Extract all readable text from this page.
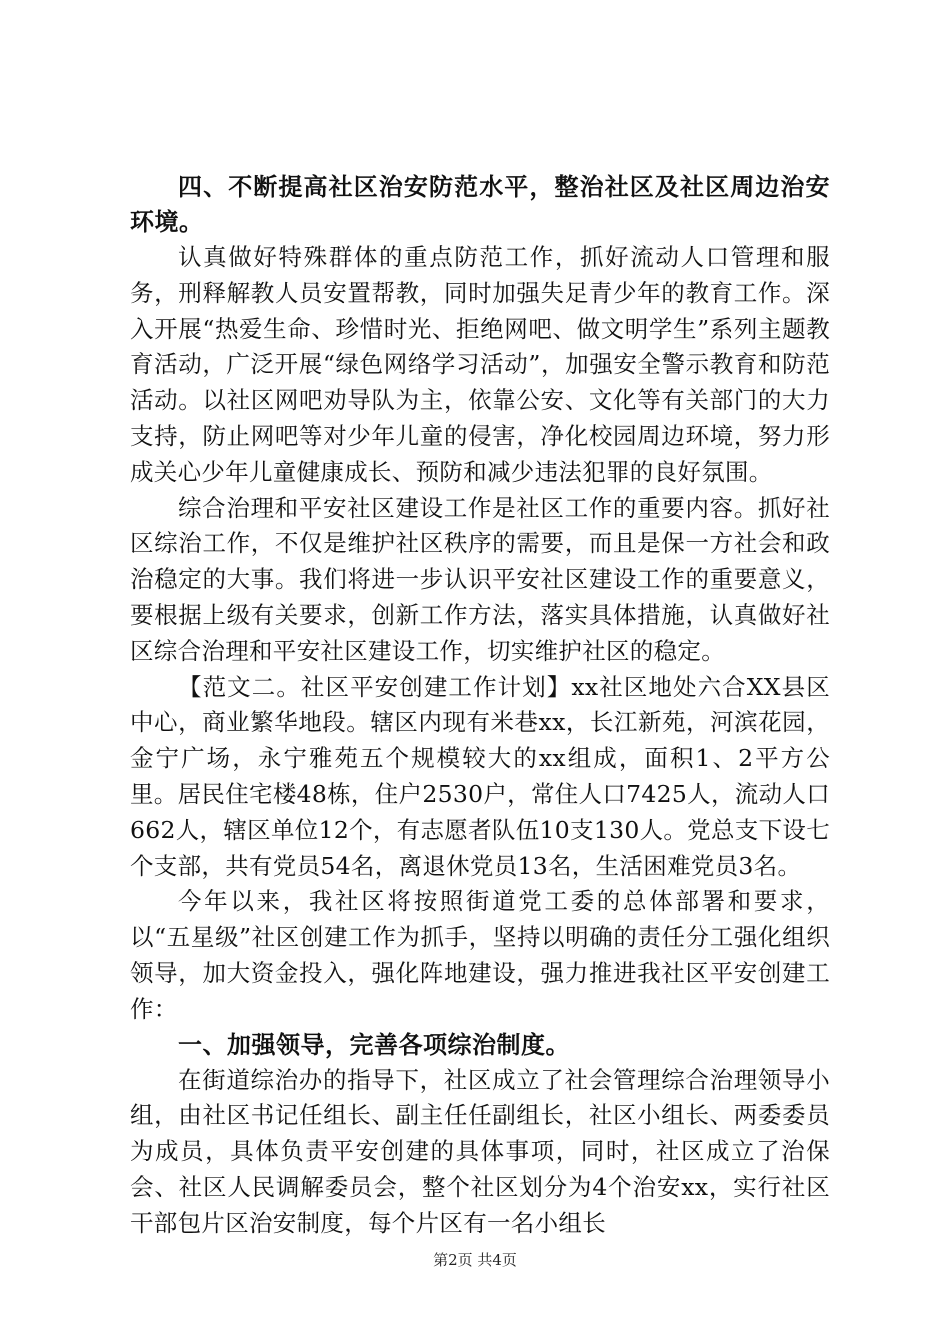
四、不断提高社区治安防范水平，整治社区及社区周边治安环境。

认真做好特殊群体的重点防范工作，抓好流动人口管理和服务，刑释解教人员安置帮教，同时加强失足青少年的教育工作。深入开展“热爱生命、珍惜时光、拒绝网吧、做文明学生”系列主题教育活动，广泛开展“绿色网络学习活动”，加强安全警示教育和防范活动。以社区网吧劝导队为主，依靠公安、文化等有关部门的大力支持，防止网吧等对少年儿童的侵害，净化校园周边环境，努力形成关心少年儿童健康成长、预防和减少违法犯罪的良好氛围。

综合治理和平安社区建设工作是社区工作的重要内容。抓好社区综治工作，不仅是维护社区秩序的需要，而且是保一方社会和政治稳定的大事。我们将进一步认识平安社区建设工作的重要意义，要根据上级有关要求，创新工作方法，落实具体措施，认真做好社区综合治理和平安社区建设工作，切实维护社区的稳定。

【范文二。社区平安创建工作计划】xx社区地处六合XX县区中心，商业繁华地段。辖区内现有米巷xx，长江新苑，河滨花园，金宁广场，永宁雅苑五个规模较大的xx组成，面积1、2平方公里。居民住宅楼48栋，住户2530户，常住人口7425人，流动人口662人，辖区单位12个，有志愿者队伍10支130人。党总支下设七个支部，共有党员54名，离退休党员13名，生活困难党员3名。

今年以来，我社区将按照街道党工委的总体部署和要求，以“五星级”社区创建工作为抓手，坚持以明确的责任分工强化组织领导，加大资金投入，强化阵地建设，强力推进我社区平安创建工作：

一、加强领导，完善各项综治制度。

在街道综治办的指导下，社区成立了社会管理综合治理领导小组，由社区书记任组长、副主任任副组长，社区小组长、两委委员为成员，具体负责平安创建的具体事项，同时，社区成立了治保会、社区人民调解委员会，整个社区划分为4个治安xx，实行社区干部包片区治安制度，每个片区有一名小组长

第2页 共4页
